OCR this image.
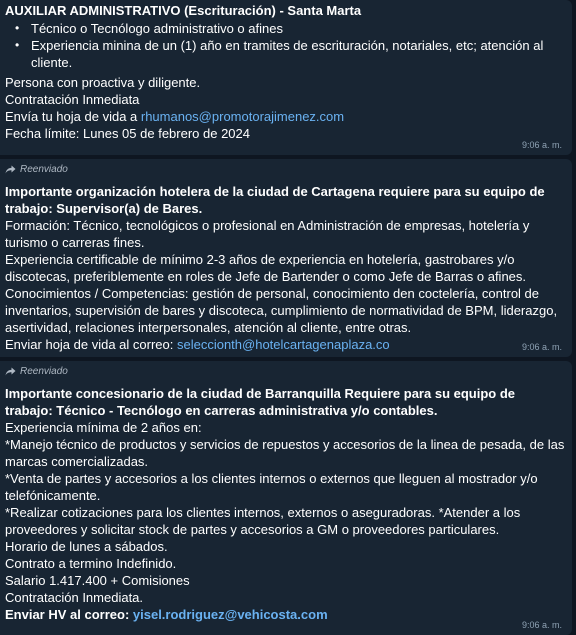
AUXILIAR ADMINISTRATIVO (Escrituración) - Santa Marta

• Técnico o Tecnólogo administrativo o afines
• Experiencia minina de un (1) año en tramites de escrituración, notariales, etc; atención al cliente.

Persona con proactiva y diligente.

Contratación Inmediata

Envía tu hoja de vida a rhumanos@promotorajimenez.com

Fecha límite: Lunes 05 de febrero de 2024

9:06 a. m.
Reenviado

Importante organización hotelera de la ciudad de Cartagena requiere para su equipo de trabajo: Supervisor(a) de Bares.

Formación: Técnico, tecnológicos o profesional en Administración de empresas, hotelería y turismo o carreras fines.

Experiencia certificable de mínimo 2-3 años de experiencia en hotelería, gastrobares y/o discotecas, preferiblemente en roles de Jefe de Bartender o como Jefe de Barras o afines.

Conocimientos / Competencias: gestión de personal, conocimiento den coctelería, control de inventarios, supervisión de bares y discoteca, cumplimiento de normatividad de BPM, liderazgo, asertividad, relaciones interpersonales, atención al cliente, entre otras.

Enviar hoja de vida al correo: seleccionth@hotelcartagenaplaza.co	9:06 a. m.
Reenviado

Importante concesionario de la ciudad de Barranquilla Requiere para su equipo de trabajo: Técnico - Tecnólogo en carreras administrativa y/o contables.

Experiencia mínima de 2 años en:

*Manejo técnico de productos y servicios de repuestos y accesorios de la linea de pesada, de las marcas comercializadas.

*Venta de partes y accesorios a los clientes internos o externos que lleguen al mostrador y/o telefónicamente.

*Realizar cotizaciones para los clientes internos, externos o aseguradoras. *Atender a los proveedores y solicitar stock de partes y accesorios a GM o proveedores particulares.

Horario de lunes a sábados.

Contrato a termino Indefinido.

Salario 1.417.400 + Comisiones

Contratación Inmediata.

Enviar HV al correo: yisel.rodriguez@vehicosta.com

9:06 a. m.
